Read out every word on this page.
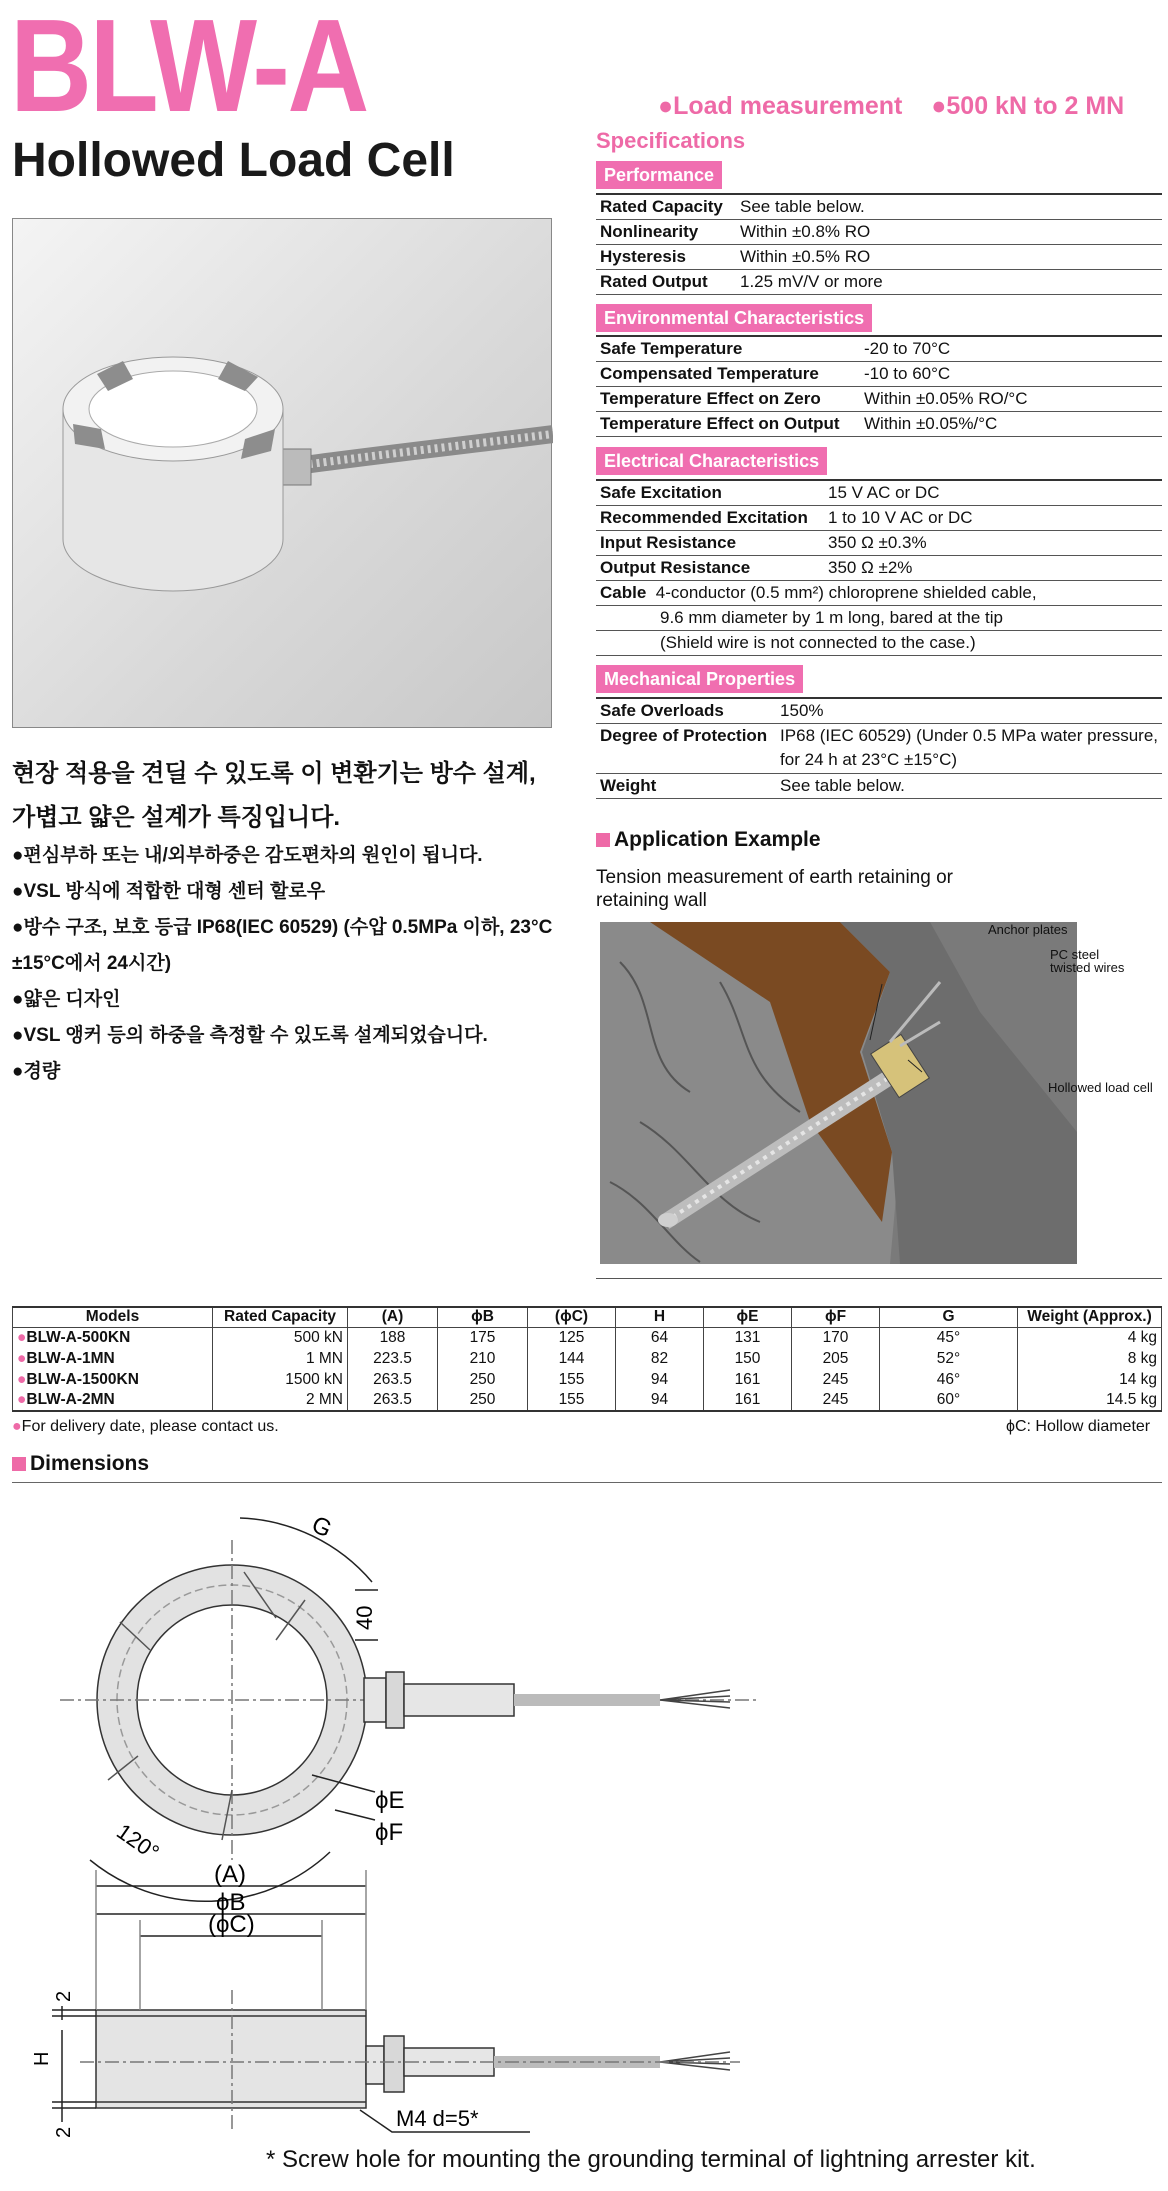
BLW-A
Hollowed Load Cell
●Load measurement ●500 kN to 2 MN
Specifications
Performance
Rated Capacity	See table below.
Nonlinearity	Within ±0.8% RO
Hysteresis	Within ±0.5% RO
Rated Output	1.25 mV/V or more
Environmental Characteristics
Safe Temperature	-20 to 70°C
Compensated Temperature	-10 to 60°C
Temperature Effect on Zero	Within ±0.05% RO/°C
Temperature Effect on Output	Within ±0.05%/°C
Electrical Characteristics
Safe Excitation	15 V AC or DC
Recommended Excitation	1 to 10 V AC or DC
Input Resistance	350 Ω ±0.3%
Output Resistance	350 Ω ±2%
Cable 4-conductor (0.5 mm²) chloroprene shielded cable,	
9.6 mm diameter by 1 m long, bared at the tip	
(Shield wire is not connected to the case.)	
Mechanical Properties
Safe Overloads	150%
Degree of Protection	IP68 (IEC 60529) (Under 0.5 MPa water pressure,
	for 24 h at 23°C ±15°C)
Weight	See table below.
현장 적용을 견딜 수 있도록 이 변환기는 방수 설계, 가볍고 얇은 설계가 특징입니다.
● 편심부하 또는 내/외부하중은 감도편차의 원인이 됩니다.
● VSL 방식에 적합한 대형 센터 할로우
● 방수 구조, 보호 등급 IP68(IEC 60529) (수압 0.5MPa 이하, 23°C ±15°C에서 24시간)
● 얇은 디자인
● VSL 앵커 등의 하중을 측정할 수 있도록 설계되었습니다.
● 경량
Application Example
Tension measurement of earth retaining or retaining wall
Anchor plates
PC steel
twisted wires
Hollowed load cell
Models	Rated Capacity	(A)	ϕB	(ϕC)	H	ϕE	ϕF	G	Weight (Approx.)
● BLW-A-500KN	500 kN	188	175	125	64	131	170	45°	4 kg
● BLW-A-1MN	1 MN	223.5	210	144	82	150	205	52°	8 kg
● BLW-A-1500KN	1500 kN	263.5	250	155	94	161	245	46°	14 kg
● BLW-A-2MN	2 MN	263.5	250	155	94	161	245	60°	14.5 kg
● For delivery date, please contact us.	ϕC: Hollow diameter
Dimensions
G
40
ϕE
ϕF
120°
(A)
ϕB
(ϕC)
2
H
2
M4 d=5*
* Screw hole for mounting the grounding terminal of lightning arrester kit.
